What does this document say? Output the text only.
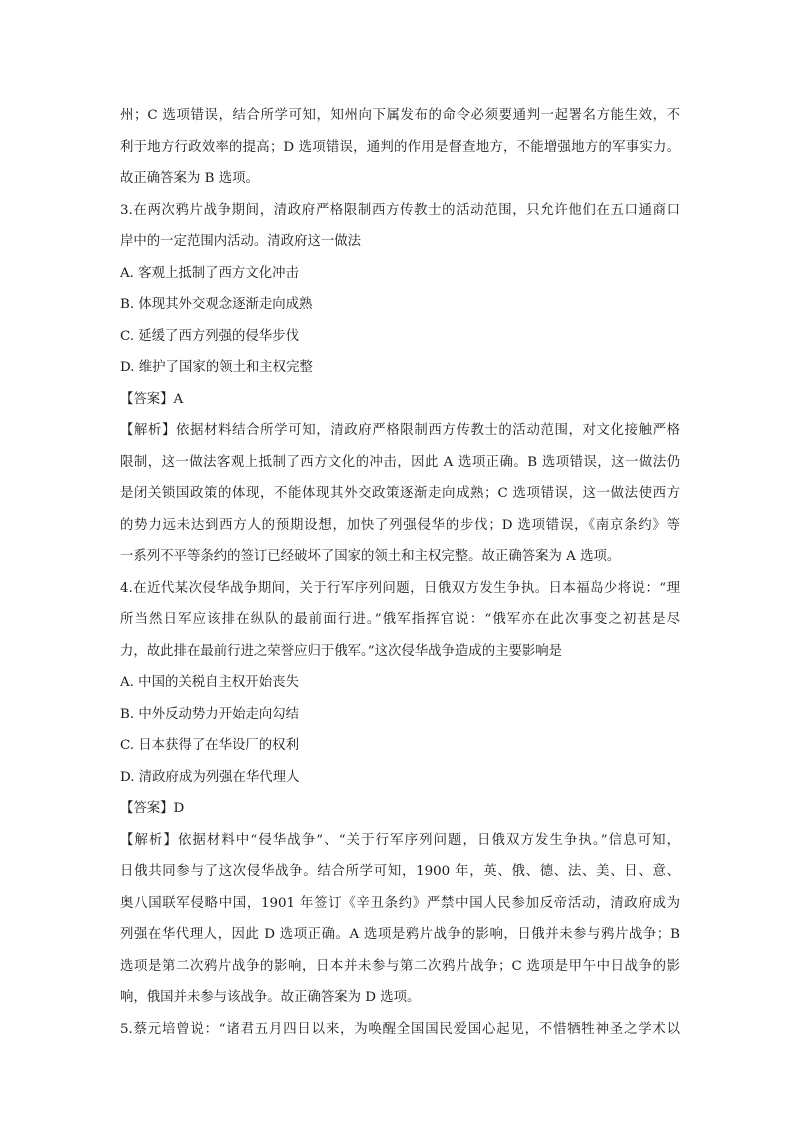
州；C 选项错误，结合所学可知，知州向下属发布的命令必须要通判一起署名方能生效，不
利于地方行政效率的提高；D 选项错误，通判的作用是督查地方，不能增强地方的军事实力。
故正确答案为 B 选项。
3.在两次鸦片战争期间，清政府严格限制西方传教士的活动范围，只允许他们在五口通商口
岸中的一定范围内活动。清政府这一做法
A. 客观上抵制了西方文化冲击
B. 体现其外交观念逐渐走向成熟
C. 延缓了西方列强的侵华步伐
D. 维护了国家的领土和主权完整
【答案】A
【解析】依据材料结合所学可知，清政府严格限制西方传教士的活动范围，对文化接触严格
限制，这一做法客观上抵制了西方文化的冲击，因此 A 选项正确。B 选项错误，这一做法仍
是闭关锁国政策的体现，不能体现其外交政策逐渐走向成熟；C 选项错误，这一做法使西方
的势力远未达到西方人的预期设想，加快了列强侵华的步伐；D 选项错误，《南京条约》等
一系列不平等条约的签订已经破坏了国家的领土和主权完整。故正确答案为 A 选项。
4.在近代某次侵华战争期间，关于行军序列问题，日俄双方发生争执。日本福岛少将说：“理
所当然日军应该排在纵队的最前面行进。”俄军指挥官说：“俄军亦在此次事变之初甚是尽
力，故此排在最前行进之荣誉应归于俄军。”这次侵华战争造成的主要影响是
A. 中国的关税自主权开始丧失
B. 中外反动势力开始走向勾结
C. 日本获得了在华设厂的权利
D. 清政府成为列强在华代理人
【答案】D
【解析】依据材料中“侵华战争”、“关于行军序列问题，日俄双方发生争执。”信息可知，
日俄共同参与了这次侵华战争。结合所学可知，1900 年，英、俄、德、法、美、日、意、
奥八国联军侵略中国，1901 年签订《辛丑条约》严禁中国人民参加反帝活动，清政府成为
列强在华代理人，因此 D 选项正确。A 选项是鸦片战争的影响，日俄并未参与鸦片战争；B
选项是第二次鸦片战争的影响，日本并未参与第二次鸦片战争；C 选项是甲午中日战争的影
响，俄国并未参与该战争。故正确答案为 D 选项。
5.蔡元培曾说：“诸君五月四日以来，为唤醒全国国民爱国心起见，不惜牺牲神圣之学术以
